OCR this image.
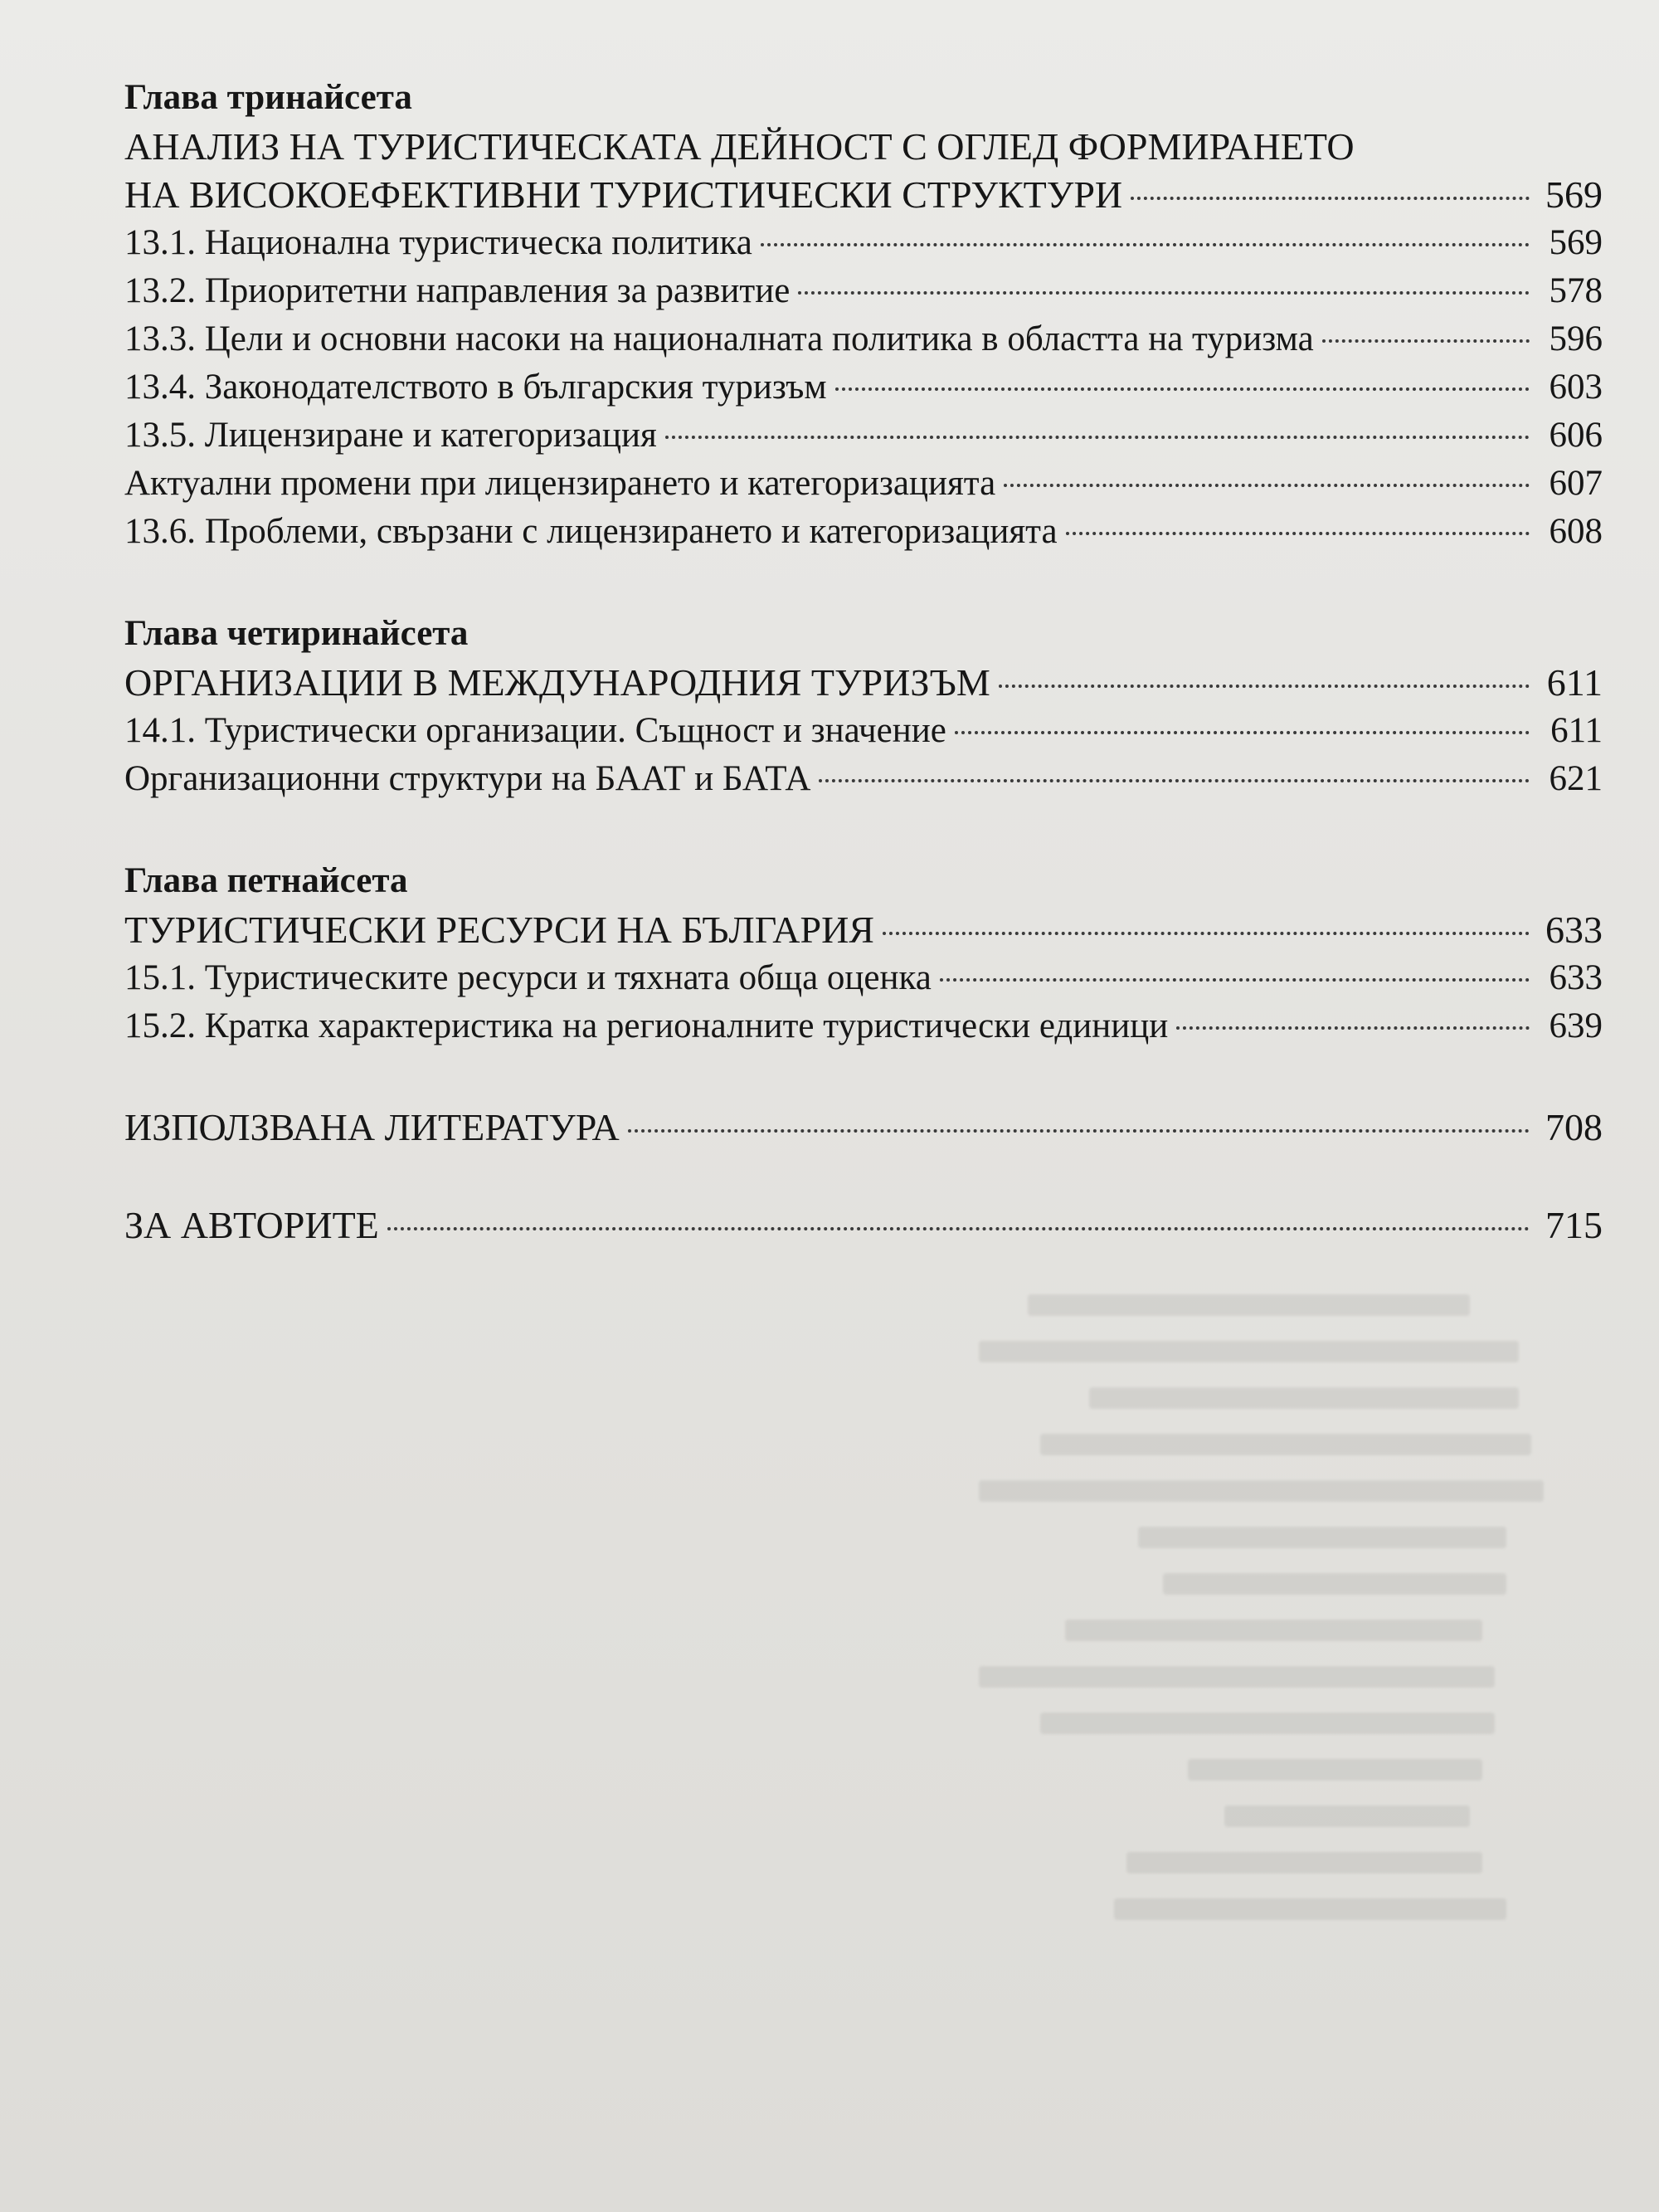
Глава тринайсета

АНАЛИЗ НА ТУРИСТИЧЕСКАТА ДЕЙНОСТ С ОГЛЕД ФОРМИРАНЕТО

НА ВИСОКОЕФЕКТИВНИ ТУРИСТИЧЕСКИ СТРУКТУРИ	569
13.1. Национална туристическа политика	569
13.2. Приоритетни направления за развитие	578
13.3. Цели и основни насоки на националната политика в областта на туризма	596
13.4. Законодателството в българския туризъм	603
13.5. Лицензиране и категоризация	606
Актуални промени при лицензирането и категоризацията	607
13.6. Проблеми, свързани с лицензирането и категоризацията	608

Глава четиринайсета

ОРГАНИЗАЦИИ В МЕЖДУНАРОДНИЯ ТУРИЗЪМ	611
14.1. Туристически организации. Същност и значение	611
Организационни структури на БААТ и БАТА	621

Глава петнайсета

ТУРИСТИЧЕСКИ РЕСУРСИ НА БЪЛГАРИЯ	633
15.1. Туристическите ресурси и тяхната обща оценка	633
15.2. Кратка характеристика на регионалните туристически единици	639
ИЗПОЛЗВАНА ЛИТЕРАТУРА	708
ЗА АВТОРИТЕ	715
